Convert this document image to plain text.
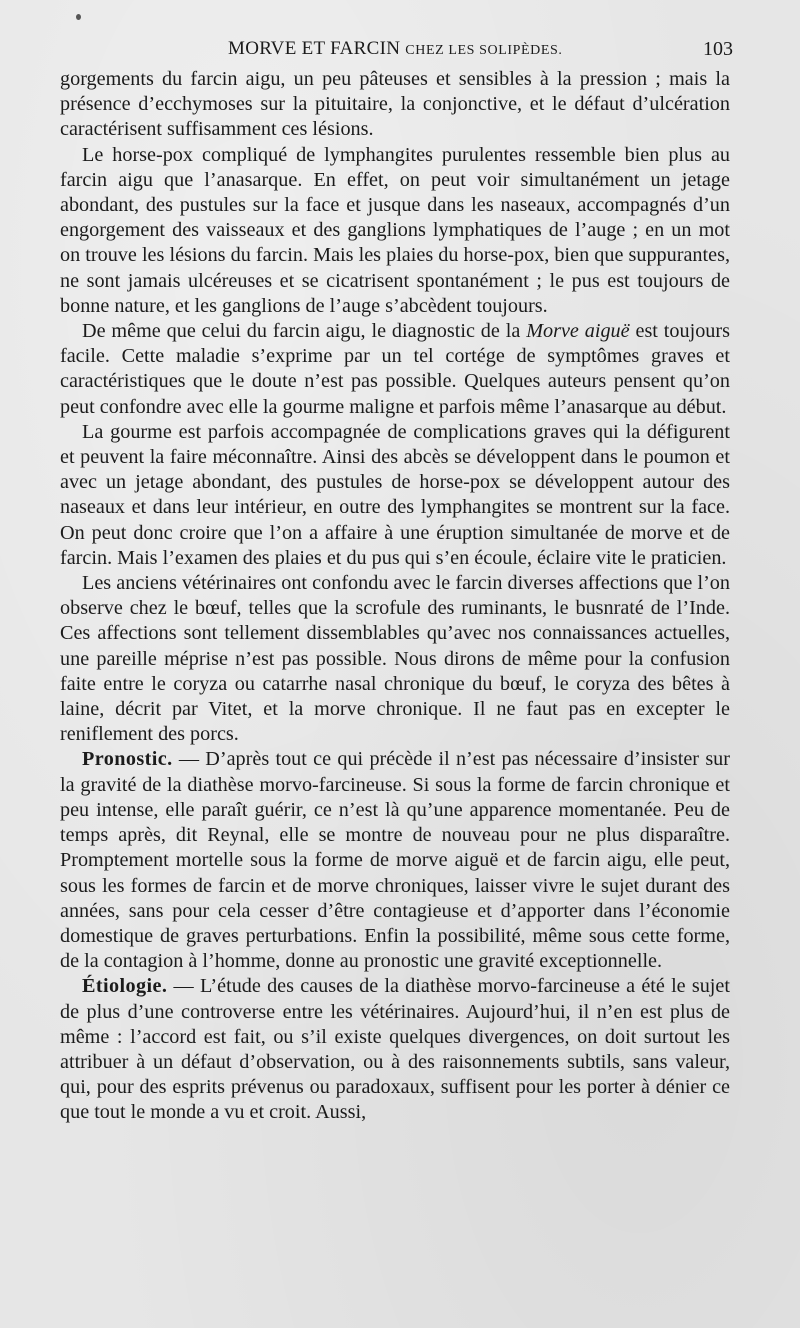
MORVE ET FARCIN CHEZ LES SOLIPÈDES.	103

gorgements du farcin aigu, un peu pâteuses et sensibles à la pression ; mais la présence d’ecchymoses sur la pituitaire, la conjonctive, et le défaut d’ulcération caractérisent suffisamment ces lésions.

Le horse-pox compliqué de lymphangites purulentes ressemble bien plus au farcin aigu que l’anasarque. En effet, on peut voir simultanément un jetage abondant, des pustules sur la face et jusque dans les naseaux, accompagnés d’un engorgement des vaisseaux et des ganglions lymphatiques de l’auge ; en un mot on trouve les lésions du farcin. Mais les plaies du horse-pox, bien que suppurantes, ne sont jamais ulcéreuses et se cicatrisent spontanément ; le pus est toujours de bonne nature, et les ganglions de l’auge s’abcèdent toujours.

De même que celui du farcin aigu, le diagnostic de la Morve aiguë est toujours facile. Cette maladie s’exprime par un tel cortége de symptômes graves et caractéristiques que le doute n’est pas possible. Quelques auteurs pensent qu’on peut confondre avec elle la gourme maligne et parfois même l’anasarque au début.

La gourme est parfois accompagnée de complications graves qui la défigurent et peuvent la faire méconnaître. Ainsi des abcès se développent dans le poumon et avec un jetage abondant, des pustules de horse-pox se développent autour des naseaux et dans leur intérieur, en outre des lymphangites se montrent sur la face. On peut donc croire que l’on a affaire à une éruption simultanée de morve et de farcin. Mais l’examen des plaies et du pus qui s’en écoule, éclaire vite le praticien.

Les anciens vétérinaires ont confondu avec le farcin diverses affections que l’on observe chez le bœuf, telles que la scrofule des ruminants, le busnraté de l’Inde. Ces affections sont tellement dissemblables qu’avec nos connaissances actuelles, une pareille méprise n’est pas possible. Nous dirons de même pour la confusion faite entre le coryza ou catarrhe nasal chronique du bœuf, le coryza des bêtes à laine, décrit par Vitet, et la morve chronique. Il ne faut pas en excepter le reniflement des porcs.

Pronostic. — D’après tout ce qui précède il n’est pas nécessaire d’insister sur la gravité de la diathèse morvo-farcineuse. Si sous la forme de farcin chronique et peu intense, elle paraît guérir, ce n’est là qu’une apparence momentanée. Peu de temps après, dit Reynal, elle se montre de nouveau pour ne plus disparaître. Promptement mortelle sous la forme de morve aiguë et de farcin aigu, elle peut, sous les formes de farcin et de morve chroniques, laisser vivre le sujet durant des années, sans pour cela cesser d’être contagieuse et d’apporter dans l’économie domestique de graves perturbations. Enfin la possibilité, même sous cette forme, de la contagion à l’homme, donne au pronostic une gravité exceptionnelle.

Étiologie. — L’étude des causes de la diathèse morvo-farcineuse a été le sujet de plus d’une controverse entre les vétérinaires. Aujourd’hui, il n’en est plus de même : l’accord est fait, ou s’il existe quelques divergences, on doit surtout les attribuer à un défaut d’observation, ou à des raisonnements subtils, sans valeur, qui, pour des esprits prévenus ou paradoxaux, suffisent pour les porter à dénier ce que tout le monde a vu et croit. Aussi,
